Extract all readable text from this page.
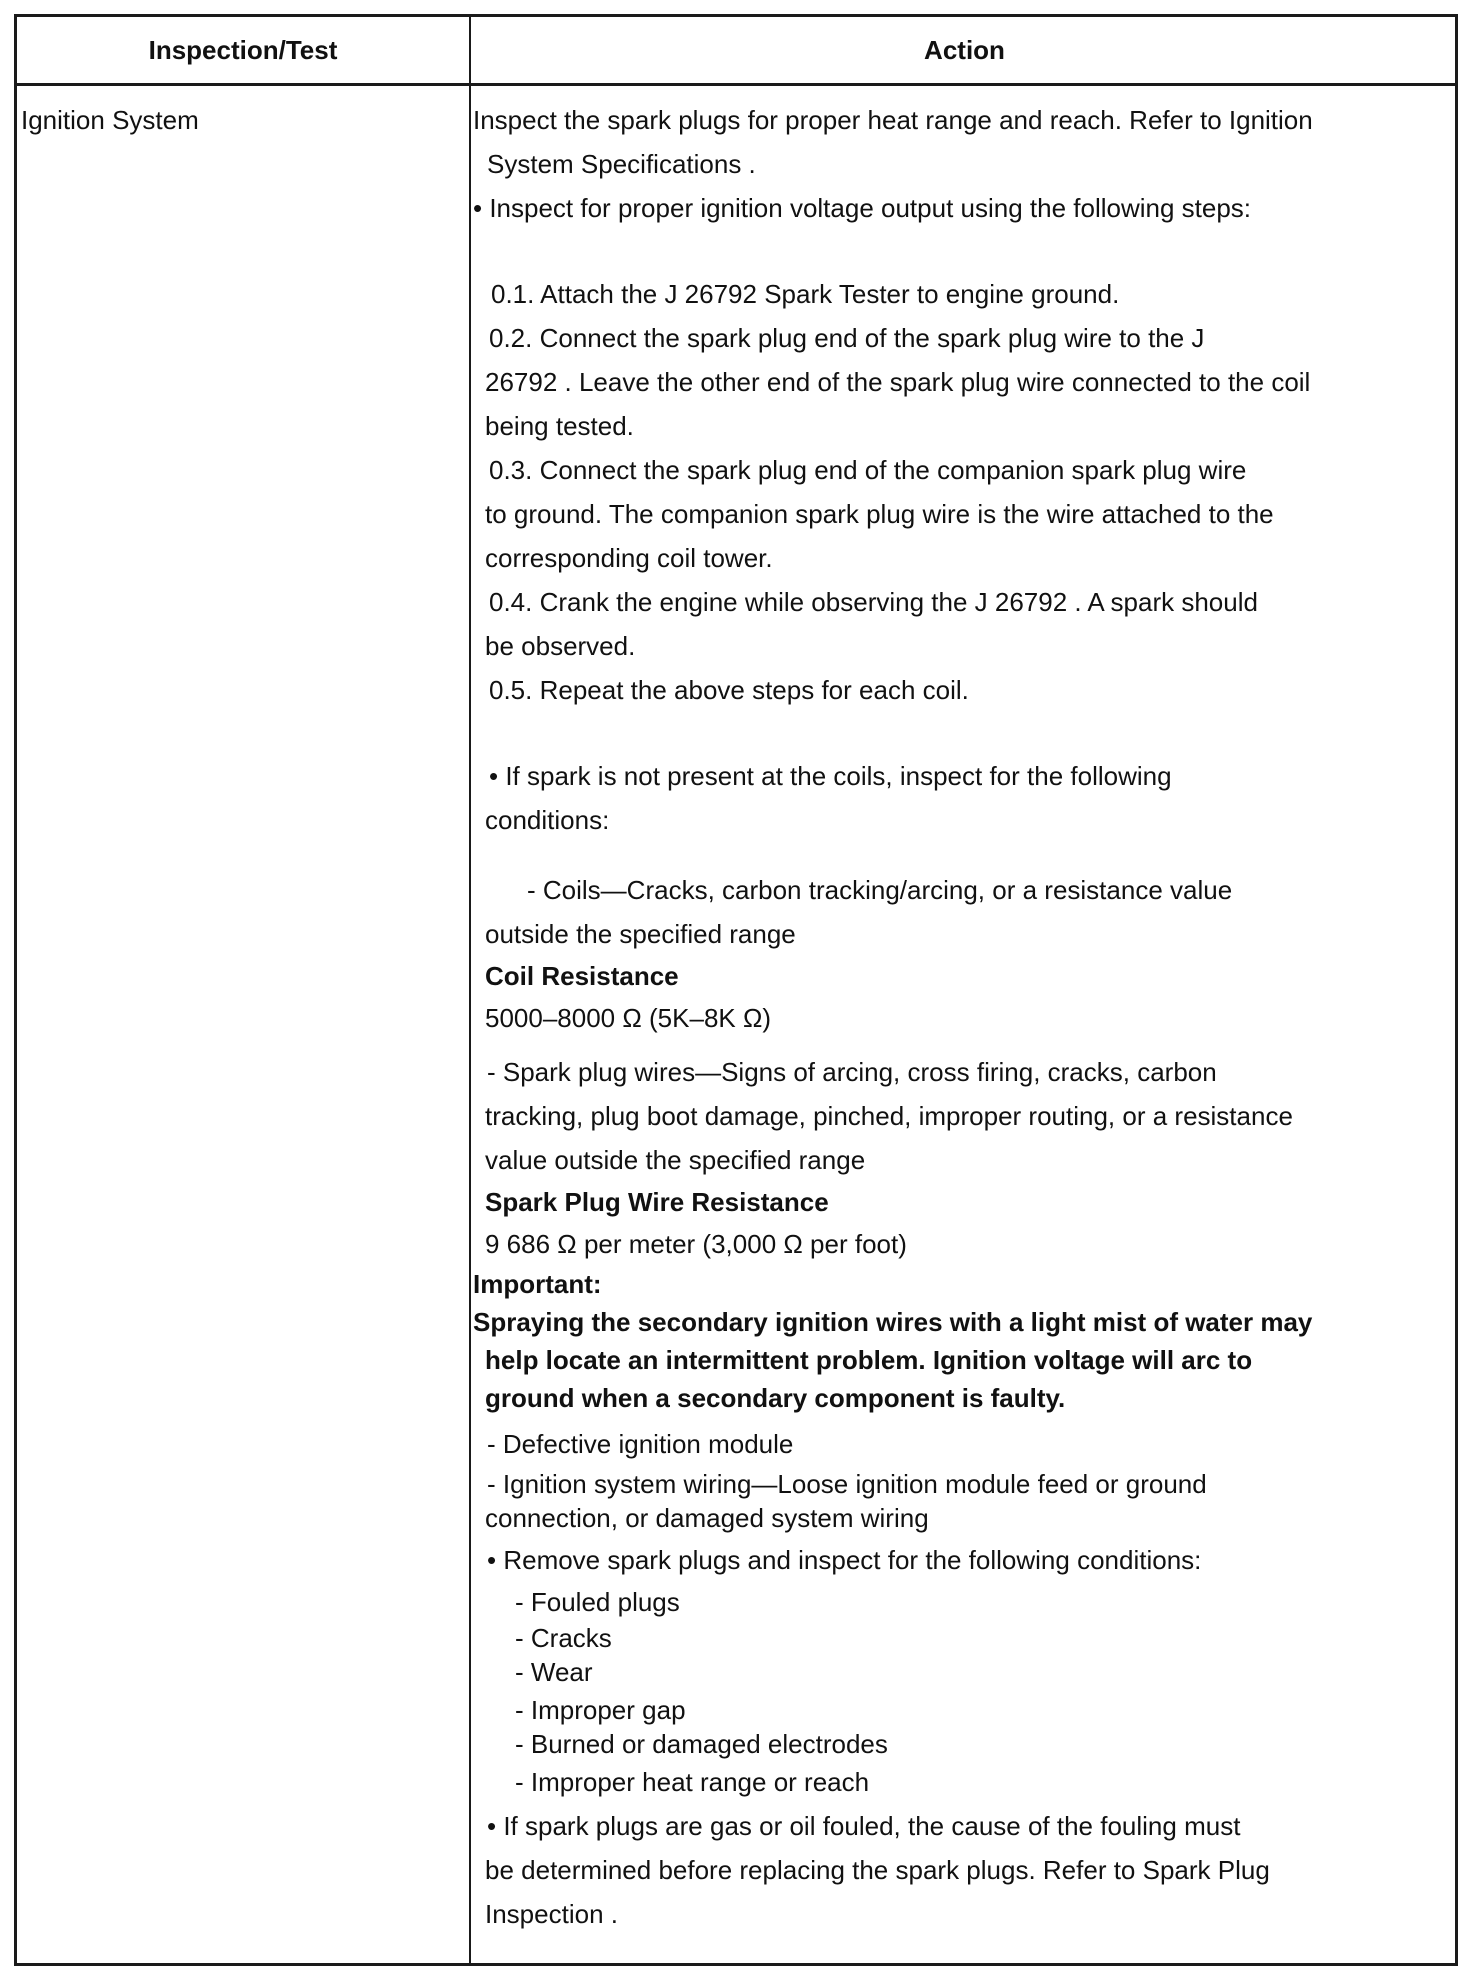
Inspection/Test	Action
Ignition System	Inspect the spark plugs for proper heat range and reach. Refer to Ignition
System Specifications .
• Inspect for proper ignition voltage output using the following steps:
0.1. Attach the J 26792 Spark Tester to engine ground.
0.2. Connect the spark plug end of the spark plug wire to the J
26792 . Leave the other end of the spark plug wire connected to the coil
being tested.
0.3. Connect the spark plug end of the companion spark plug wire
to ground. The companion spark plug wire is the wire attached to the
corresponding coil tower.
0.4. Crank the engine while observing the J 26792 . A spark should
be observed.
0.5. Repeat the above steps for each coil.
• If spark is not present at the coils, inspect for the following
conditions:
- Coils—Cracks, carbon tracking/arcing, or a resistance value
outside the specified range
Coil Resistance
5000–8000 Ω (5K–8K Ω)
- Spark plug wires—Signs of arcing, cross firing, cracks, carbon
tracking, plug boot damage, pinched, improper routing, or a resistance
value outside the specified range
Spark Plug Wire Resistance
9 686 Ω per meter (3,000 Ω per foot)
Important:
Spraying the secondary ignition wires with a light mist of water may
help locate an intermittent problem. Ignition voltage will arc to
ground when a secondary component is faulty.
- Defective ignition module
- Ignition system wiring—Loose ignition module feed or ground
connection, or damaged system wiring
• Remove spark plugs and inspect for the following conditions:
- Fouled plugs
- Cracks
- Wear
- Improper gap
- Burned or damaged electrodes
- Improper heat range or reach
• If spark plugs are gas or oil fouled, the cause of the fouling must
be determined before replacing the spark plugs. Refer to Spark Plug
Inspection .
